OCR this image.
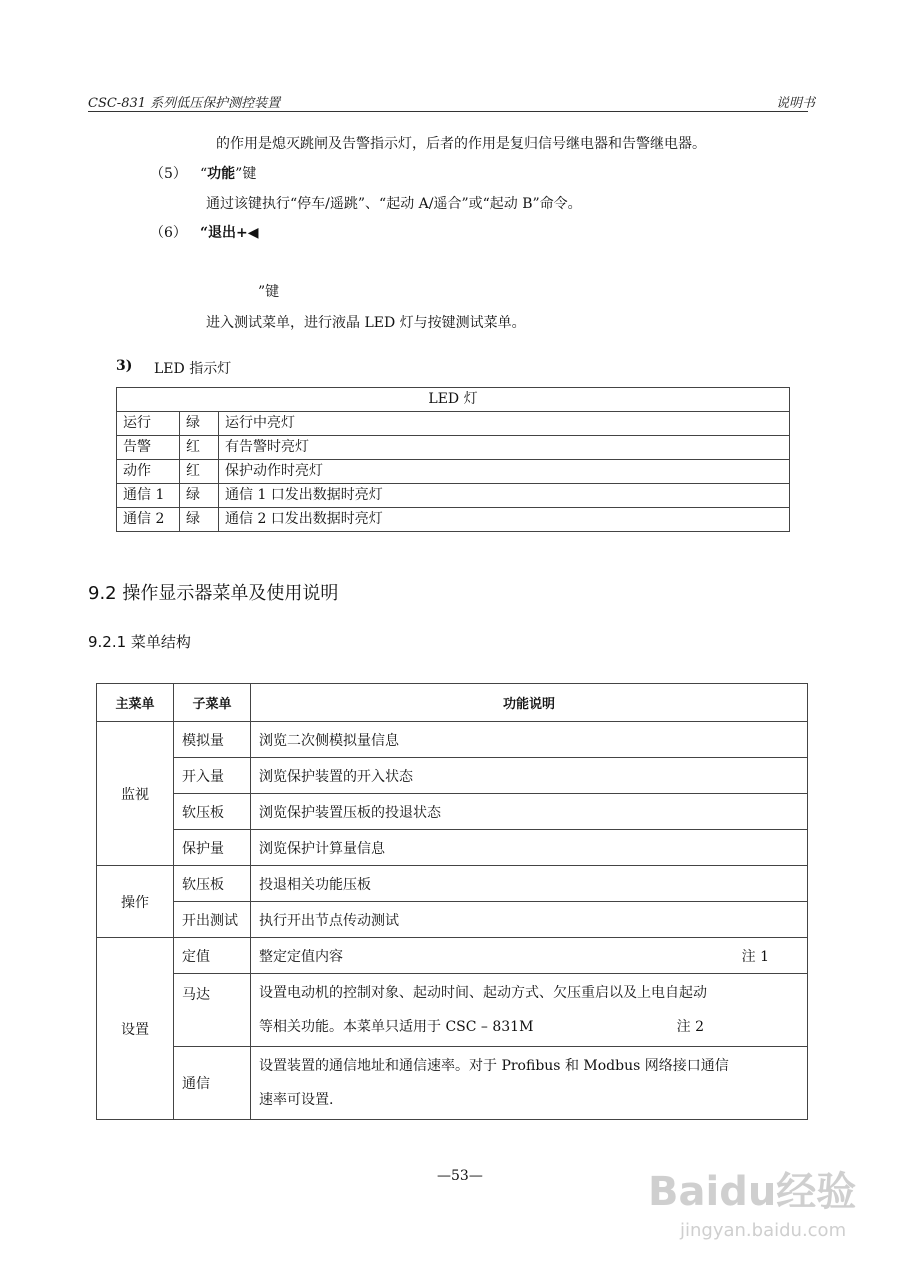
CSC-831 系列低压保护测控装置	说明书
的作用是熄灭跳闸及告警指示灯，后者的作用是复归信号继电器和告警继电器。
（5） “功能”键
通过该键执行“停车/遥跳”、“起动 A/遥合”或“起动 B”命令。
（6） “退出+◀
”键
进入测试菜单，进行液晶 LED 灯与按键测试菜单。
3) LED 指示灯
LED 灯		
运行	绿	运行中亮灯
告警	红	有告警时亮灯
动作	红	保护动作时亮灯
通信 1	绿	通信 1 口发出数据时亮灯
通信 2	绿	通信 2 口发出数据时亮灯
9.2 操作显示器菜单及使用说明
9.2.1 菜单结构
主菜单	子菜单	功能说明
监视	模拟量	浏览二次侧模拟量信息
	开入量	浏览保护装置的开入状态
	软压板	浏览保护装置压板的投退状态
	保护量	浏览保护计算量信息
操作	软压板	投退相关功能压板
	开出测试	执行开出节点传动测试
设置	定值	整定定值内容 注 1

	马达	设置电动机的控制对象、起动时间、起动方式、欠压重启以及上电自起动
等相关功能。本菜单只适用于 CSC – 831M 注 2

	通信	设置装置的通信地址和通信速率。对于 Profibus 和 Modbus 网络接口通信
速率可设置.
—53—	Baidu经验
jingyan.baidu.com
